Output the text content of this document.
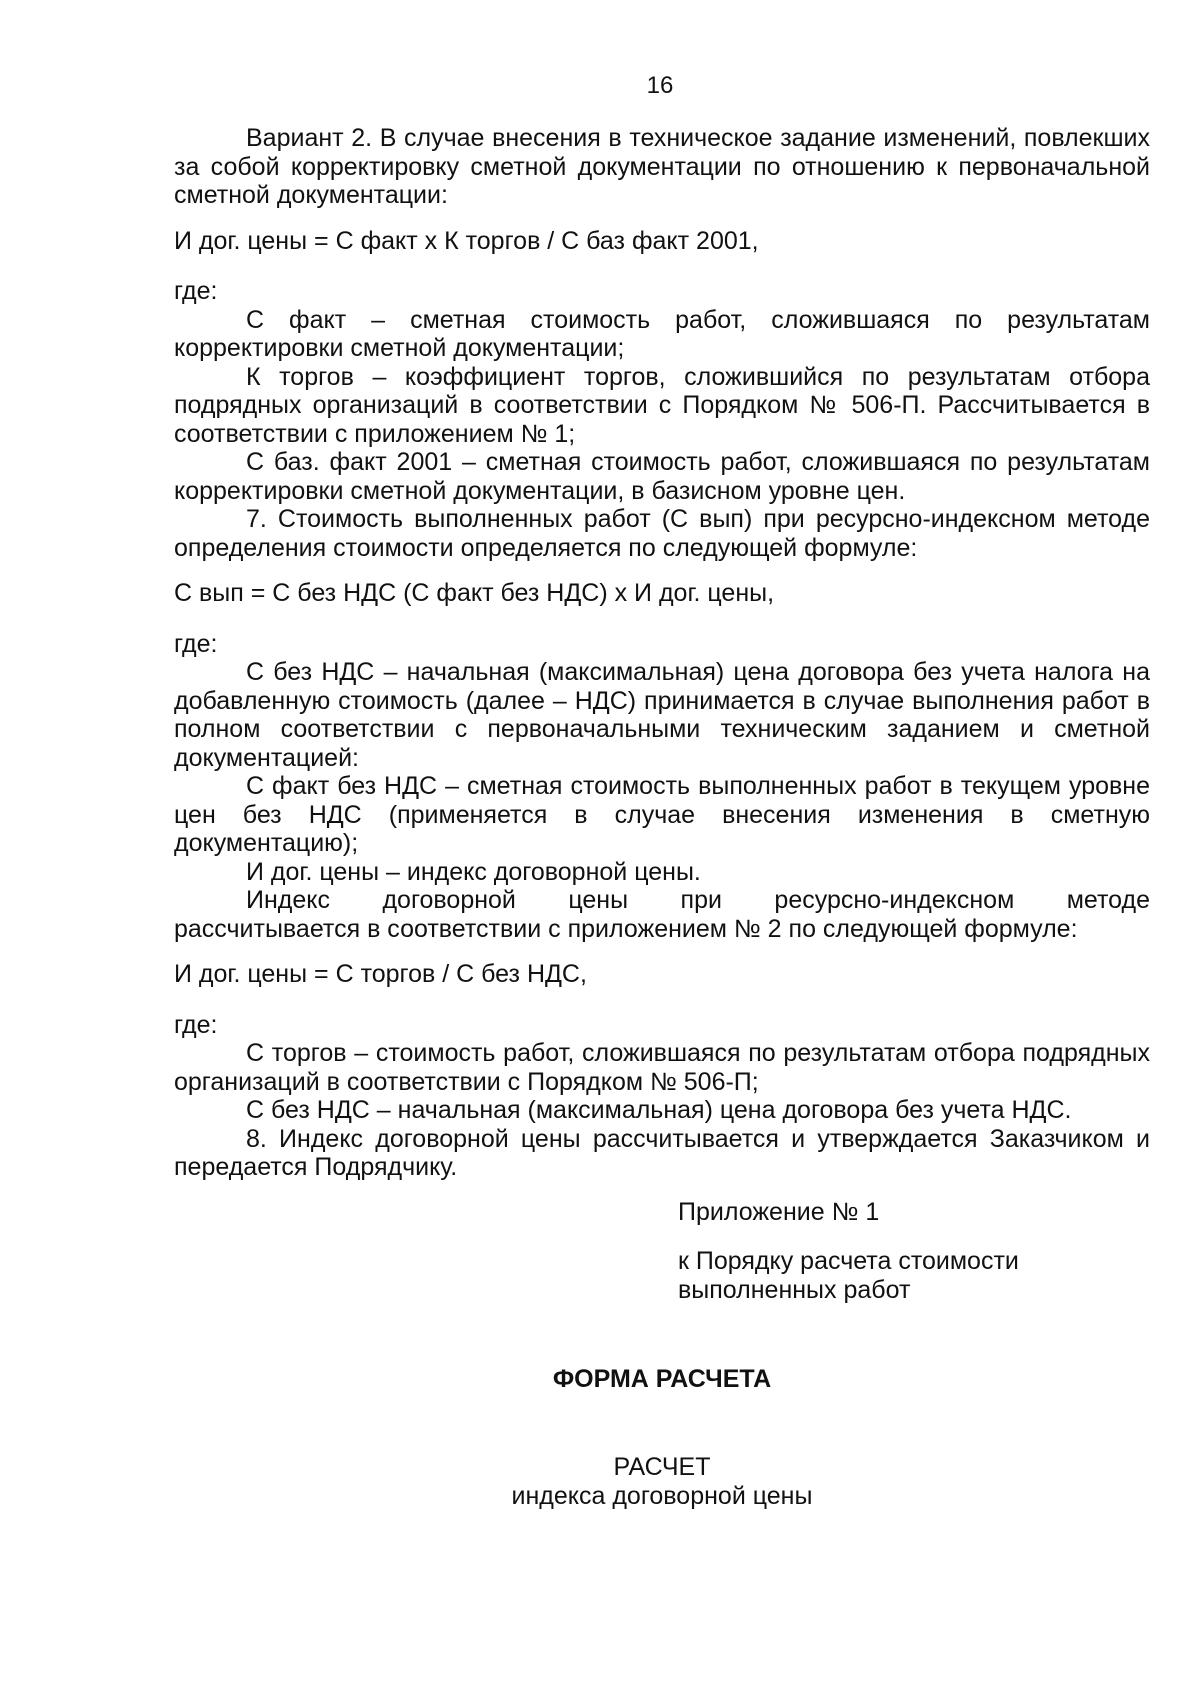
16

Вариант 2. В случае внесения в техническое задание изменений, повлекших за собой корректировку сметной документации по отношению к первоначальной сметной документации:

И дог. цены = С факт х К торгов / С баз факт 2001,

где:

С факт – сметная стоимость работ, сложившаяся по результатам корректировки сметной документации;

К торгов – коэффициент торгов, сложившийся по результатам отбора подрядных организаций в соответствии с Порядком № 506-П. Рассчитывается в соответствии с приложением № 1;

С баз. факт 2001 – сметная стоимость работ, сложившаяся по результатам корректировки сметной документации, в базисном уровне цен.

7. Стоимость выполненных работ (С вып) при ресурсно-индексном методе определения стоимости определяется по следующей формуле:

С вып = С без НДС (С факт без НДС) х И дог. цены,

где:

С без НДС – начальная (максимальная) цена договора без учета налога на добавленную стоимость (далее – НДС) принимается в случае выполнения работ в полном соответствии с первоначальными техническим заданием и сметной документацией:

С факт без НДС – сметная стоимость выполненных работ в текущем уровне цен без НДС (применяется в случае внесения изменения в сметную документацию);

И дог. цены – индекс договорной цены.

Индекс договорной цены при ресурсно-индексном методе

рассчитывается в соответствии с приложением № 2 по следующей формуле:

И дог. цены = С торгов / С без НДС,

где:

С торгов – стоимость работ, сложившаяся по результатам отбора подрядных организаций в соответствии с Порядком № 506-П;

С без НДС – начальная (максимальная) цена договора без учета НДС.

8. Индекс договорной цены рассчитывается и утверждается Заказчиком и передается Подрядчику.

Приложение № 1
к Порядку расчета стоимости
выполненных работ
ФОРМА РАСЧЕТА
РАСЧЕТ
индекса договорной цены
